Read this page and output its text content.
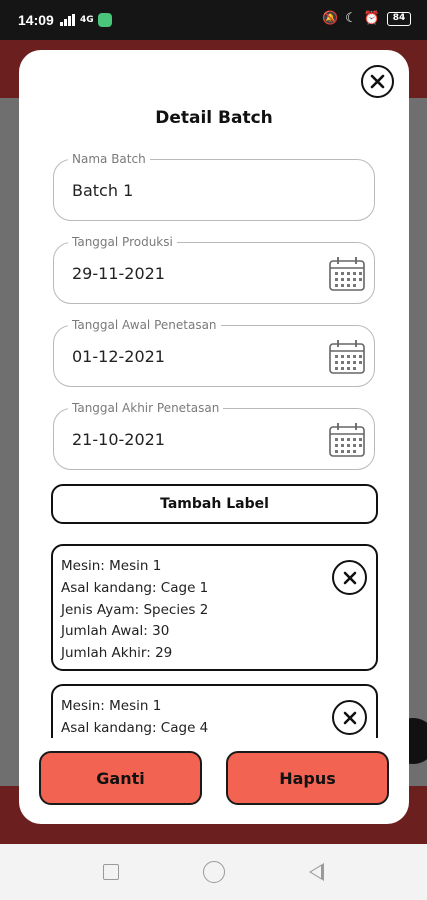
14:09	4G	🔕 ☾ ⏰	84
Detail Batch
Nama Batch
Batch 1
Tanggal Produksi
29-11-2021
Tanggal Awal Penetasan
01-12-2021
Tanggal Akhir Penetasan
21-10-2021
Tambah Label
Mesin: Mesin 1
Asal kandang: Cage 1
Jenis Ayam: Species 2
Jumlah Awal: 30
Jumlah Akhir: 29
Mesin: Mesin 1
Asal kandang: Cage 4
Ganti	Hapus
